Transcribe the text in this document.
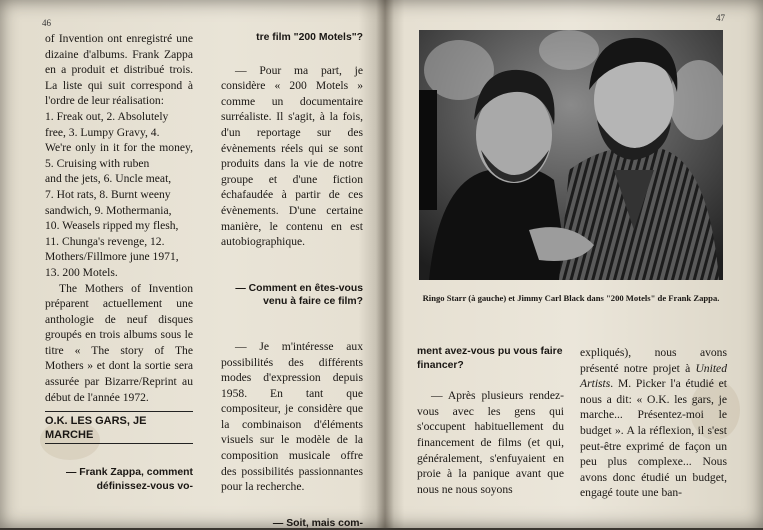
46

of Invention ont enregistré une dizaine d'albums. Frank Zappa en a produit et distribué trois. La liste qui suit correspond à l'ordre de leur réalisation:
1. Freak out, 2. Absolutely
free, 3. Lumpy Gravy, 4.
We're only in it for the money, 5. Cruising with ruben
and the jets, 6. Uncle meat,
7. Hot rats, 8. Burnt weeny
sandwich, 9. Mothermania,
10. Weasels ripped my flesh,
11. Chunga's revenge, 12.
Mothers/Fillmore june 1971,
13. 200 Motels.

The Mothers of Invention préparent actuellement une anthologie de neuf disques groupés en trois albums sous le titre « The story of The Mothers » et dont la sortie sera assurée par Bizarre/Reprint au début de l'année 1972.

O.K. LES GARS, JE MARCHE
— Frank Zappa, comment définissez-vous vo-

tre film "200 Motels"?

— Pour ma part, je considère « 200 Motels » comme un documentaire surréaliste. Il s'agit, à la fois, d'un reportage sur des évènements réels qui se sont produits dans la vie de notre groupe et d'une fiction échafaudée à partir de ces évènements. D'une certaine manière, le contenu en est autobiographique.

— Comment en êtes-vous venu à faire ce film?

— Je m'intéresse aux possibilités des différents modes d'expression depuis 1958. En tant que compositeur, je considère que la combinaison d'éléments visuels sur le modèle de la composition musicale offre des possibilités passionnantes pour la recherche.

— Soit, mais com-

47
Ringo Starr (à gauche) et Jimmy Carl Black dans "200 Motels" de Frank Zappa.

ment avez-vous pu vous faire financer?

— Après plusieurs rendez-vous avec les gens qui s'occupent habituellement du financement de films (et qui, généralement, s'enfuyaient en proie à la panique avant que nous ne nous soyons

expliqués), nous avons présenté notre projet à United Artists. M. Picker l'a étudié et nous a dit: « O.K. les gars, je marche... Présentez-moi le budget ». A la réflexion, il s'est peut-être exprimé de façon un peu plus complexe... Nous avons donc étudié un budget, engagé toute une ban-
